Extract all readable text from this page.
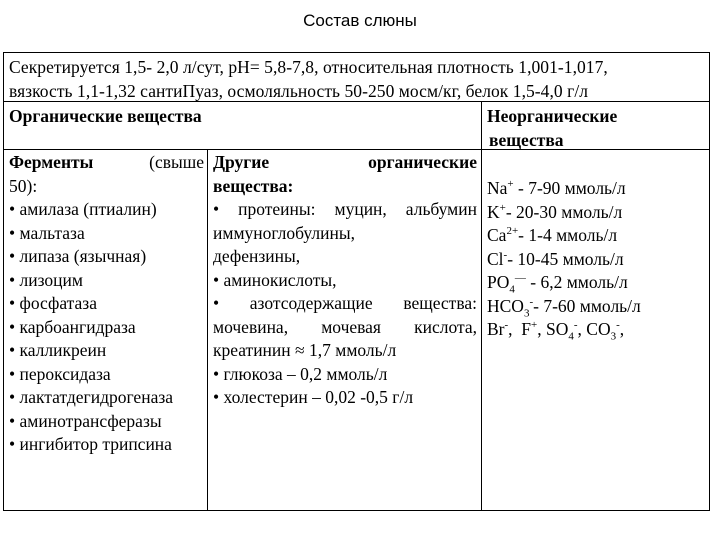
Состав слюны
Секретируется 1,5- 2,0 л/сут, pH= 5,8-7,8, относительная плотность 1,001-1,017,
вязкость 1,1-1,32 сантиПуаз, осмоляльность 50-250 мосм/кг, белок 1,5-4,0 г/л
Органические вещества	Неорганические
вещества
Ферменты	(свыше
50):
• амилаза (птиалин)
• мальтаза
• липаза (язычная)
• лизоцим
• фосфатаза
• карбоангидраза
• калликреин
• пероксидаза
• лактатдегидрогеназа
• аминотрансферазы
• ингибитор трипсина
Другие органические
вещества:
• протеины: муцин, альбумин
иммуноглобулины,
дефензины,
• аминокислоты,
• азотсодержащие вещества:
мочевина, мочевая кислота,
креатинин ≈ 1,7 ммоль/л
• глюкоза – 0,2 ммоль/л
• холестерин – 0,02 -0,5 г/л
Na+ - 7-90 ммоль/л
K+- 20-30 ммоль/л
$Ca^{2+}-$ 1-4 ммоль/л
Cl-- 10-45 ммоль/л
$PO_4^— - 6,2$ ммоль/л
$HCO_3^--$ 7-60 ммоль/л
Br-,  F+, $SO_4^-$, $CO_3^-$,
